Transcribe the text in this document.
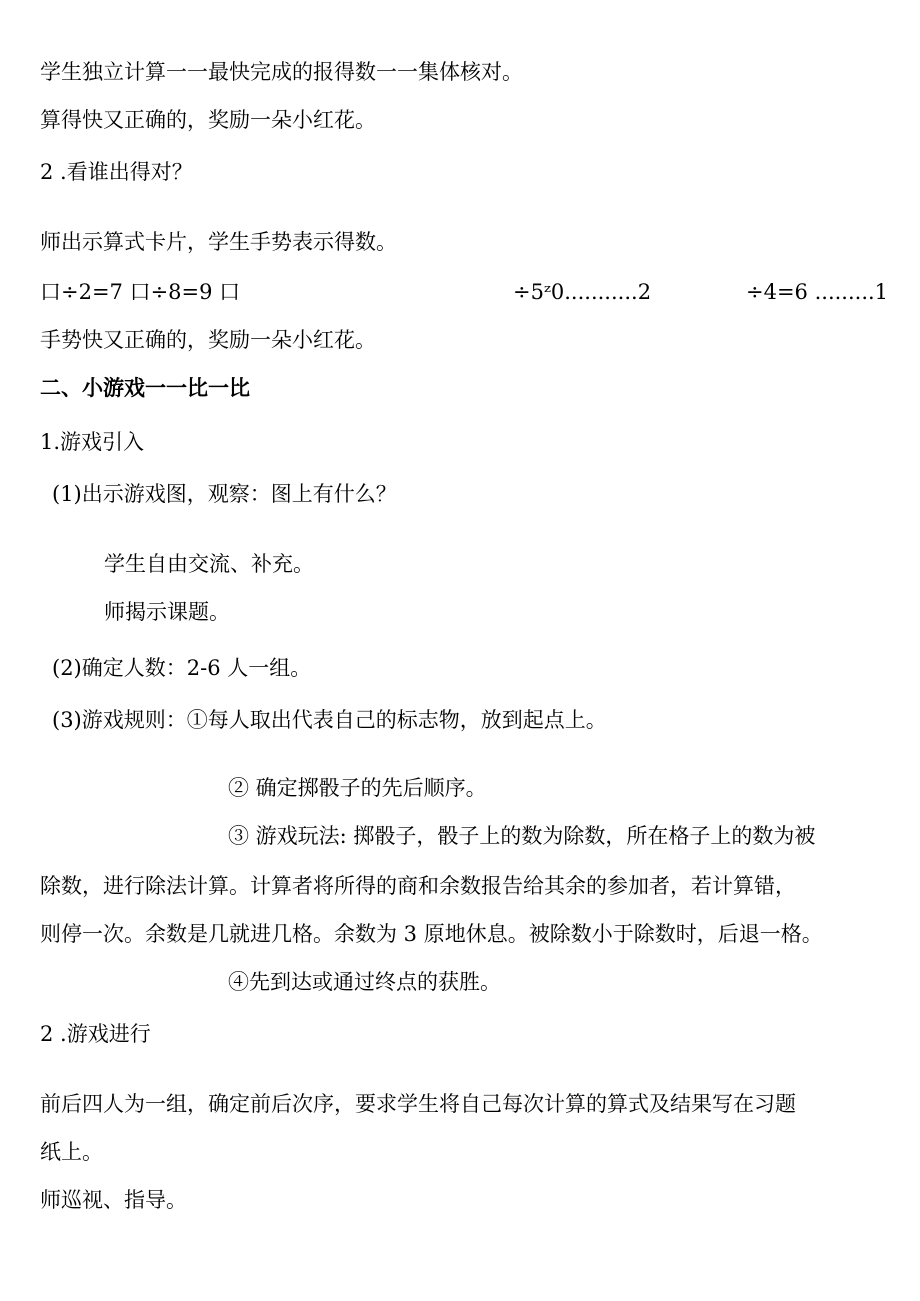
学生独立计算一一最快完成的报得数一一集体核对。
算得快又正确的，奖励一朵小红花。
2 .看谁出得对？
师出示算式卡片，学生手势表示得数。
口÷2=7 口÷8=9 口	÷5ᶻ0...........2	÷4=6 .........1
手势快又正确的，奖励一朵小红花。
二、小游戏一一比一比
1.游戏引入
(1)出示游戏图，观察：图上有什么？
学生自由交流、补充。
师揭示课题。
(2)确定人数：2-6 人一组。
(3)游戏规则：①每人取出代表自己的标志物，放到起点上。
② 确定掷骰子的先后顺序。
③ 游戏玩法: 掷骰子，骰子上的数为除数，所在格子上的数为被
除数，进行除法计算。计算者将所得的商和余数报告给其余的参加者，若计算错，
则停一次。余数是几就进几格。余数为 3 原地休息。被除数小于除数时，后退一格。
④先到达或通过终点的获胜。
2 .游戏进行
前后四人为一组，确定前后次序，要求学生将自己每次计算的算式及结果写在习题
纸上。
师巡视、指导。
